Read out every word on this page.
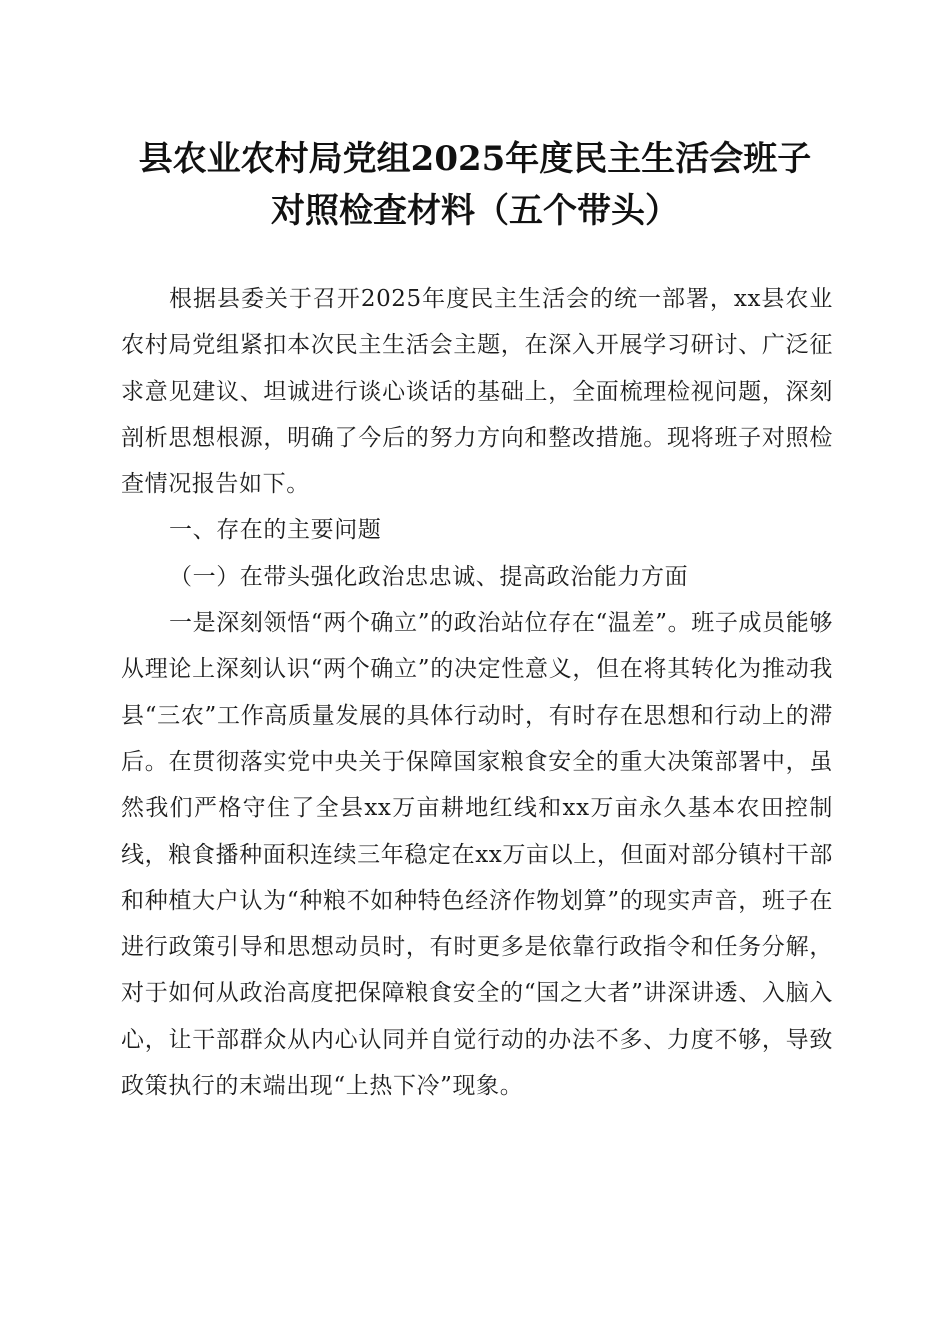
县农业农村局党组2025年度民主生活会班子
对照检查材料（五个带头）

根据县委关于召开2025年度民主生活会的统一部署，xx县农业农村局党组紧扣本次民主生活会主题，在深入开展学习研讨、广泛征求意见建议、坦诚进行谈心谈话的基础上，全面梳理检视问题，深刻剖析思想根源，明确了今后的努力方向和整改措施。现将班子对照检查情况报告如下。

一、存在的主要问题

（一）在带头强化政治忠忠诚、提高政治能力方面

一是深刻领悟“两个确立”的政治站位存在“温差”。班子成员能够从理论上深刻认识“两个确立”的决定性意义，但在将其转化为推动我县“三农”工作高质量发展的具体行动时，有时存在思想和行动上的滞后。在贯彻落实党中央关于保障国家粮食安全的重大决策部署中，虽然我们严格守住了全县xx万亩耕地红线和xx万亩永久基本农田控制线，粮食播种面积连续三年稳定在xx万亩以上，但面对部分镇村干部和种植大户认为“种粮不如种特色经济作物划算”的现实声音，班子在进行政策引导和思想动员时，有时更多是依靠行政指令和任务分解，对于如何从政治高度把保障粮食安全的“国之大者”讲深讲透、入脑入心，让干部群众从内心认同并自觉行动的办法不多、力度不够，导致政策执行的末端出现“上热下冷”现象。
